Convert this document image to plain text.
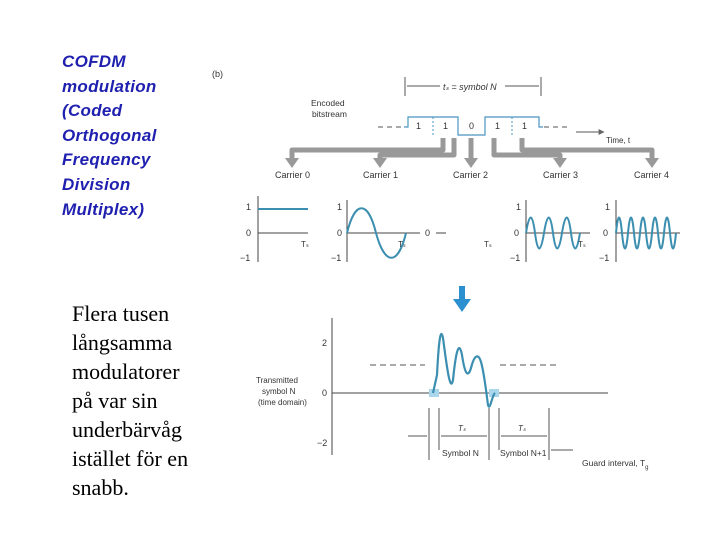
COFDM
modulation
(Coded
Orthogonal
Frequency
Division
Multiplex)
Flera tusen
långsamma
modulatorer
på var sin
underbärvåg
istället för en
snabb.
(b)
tₛ = symbol N
Encoded
bitstream
1 1 0 1 1
Time, t
Carrier 0	Carrier 1	Carrier 2	Carrier 3	Carrier 4
1
0
−1
Tₛ
1
0
−1
Tₛ
0
1
0
−1
Tₛ
Tₛ
1
0
−1
2
0
−2
Transmitted
symbol N
(time domain)
Tₛ	Tₛ
Symbol N Symbol N+1
Guard interval, $T_g$
